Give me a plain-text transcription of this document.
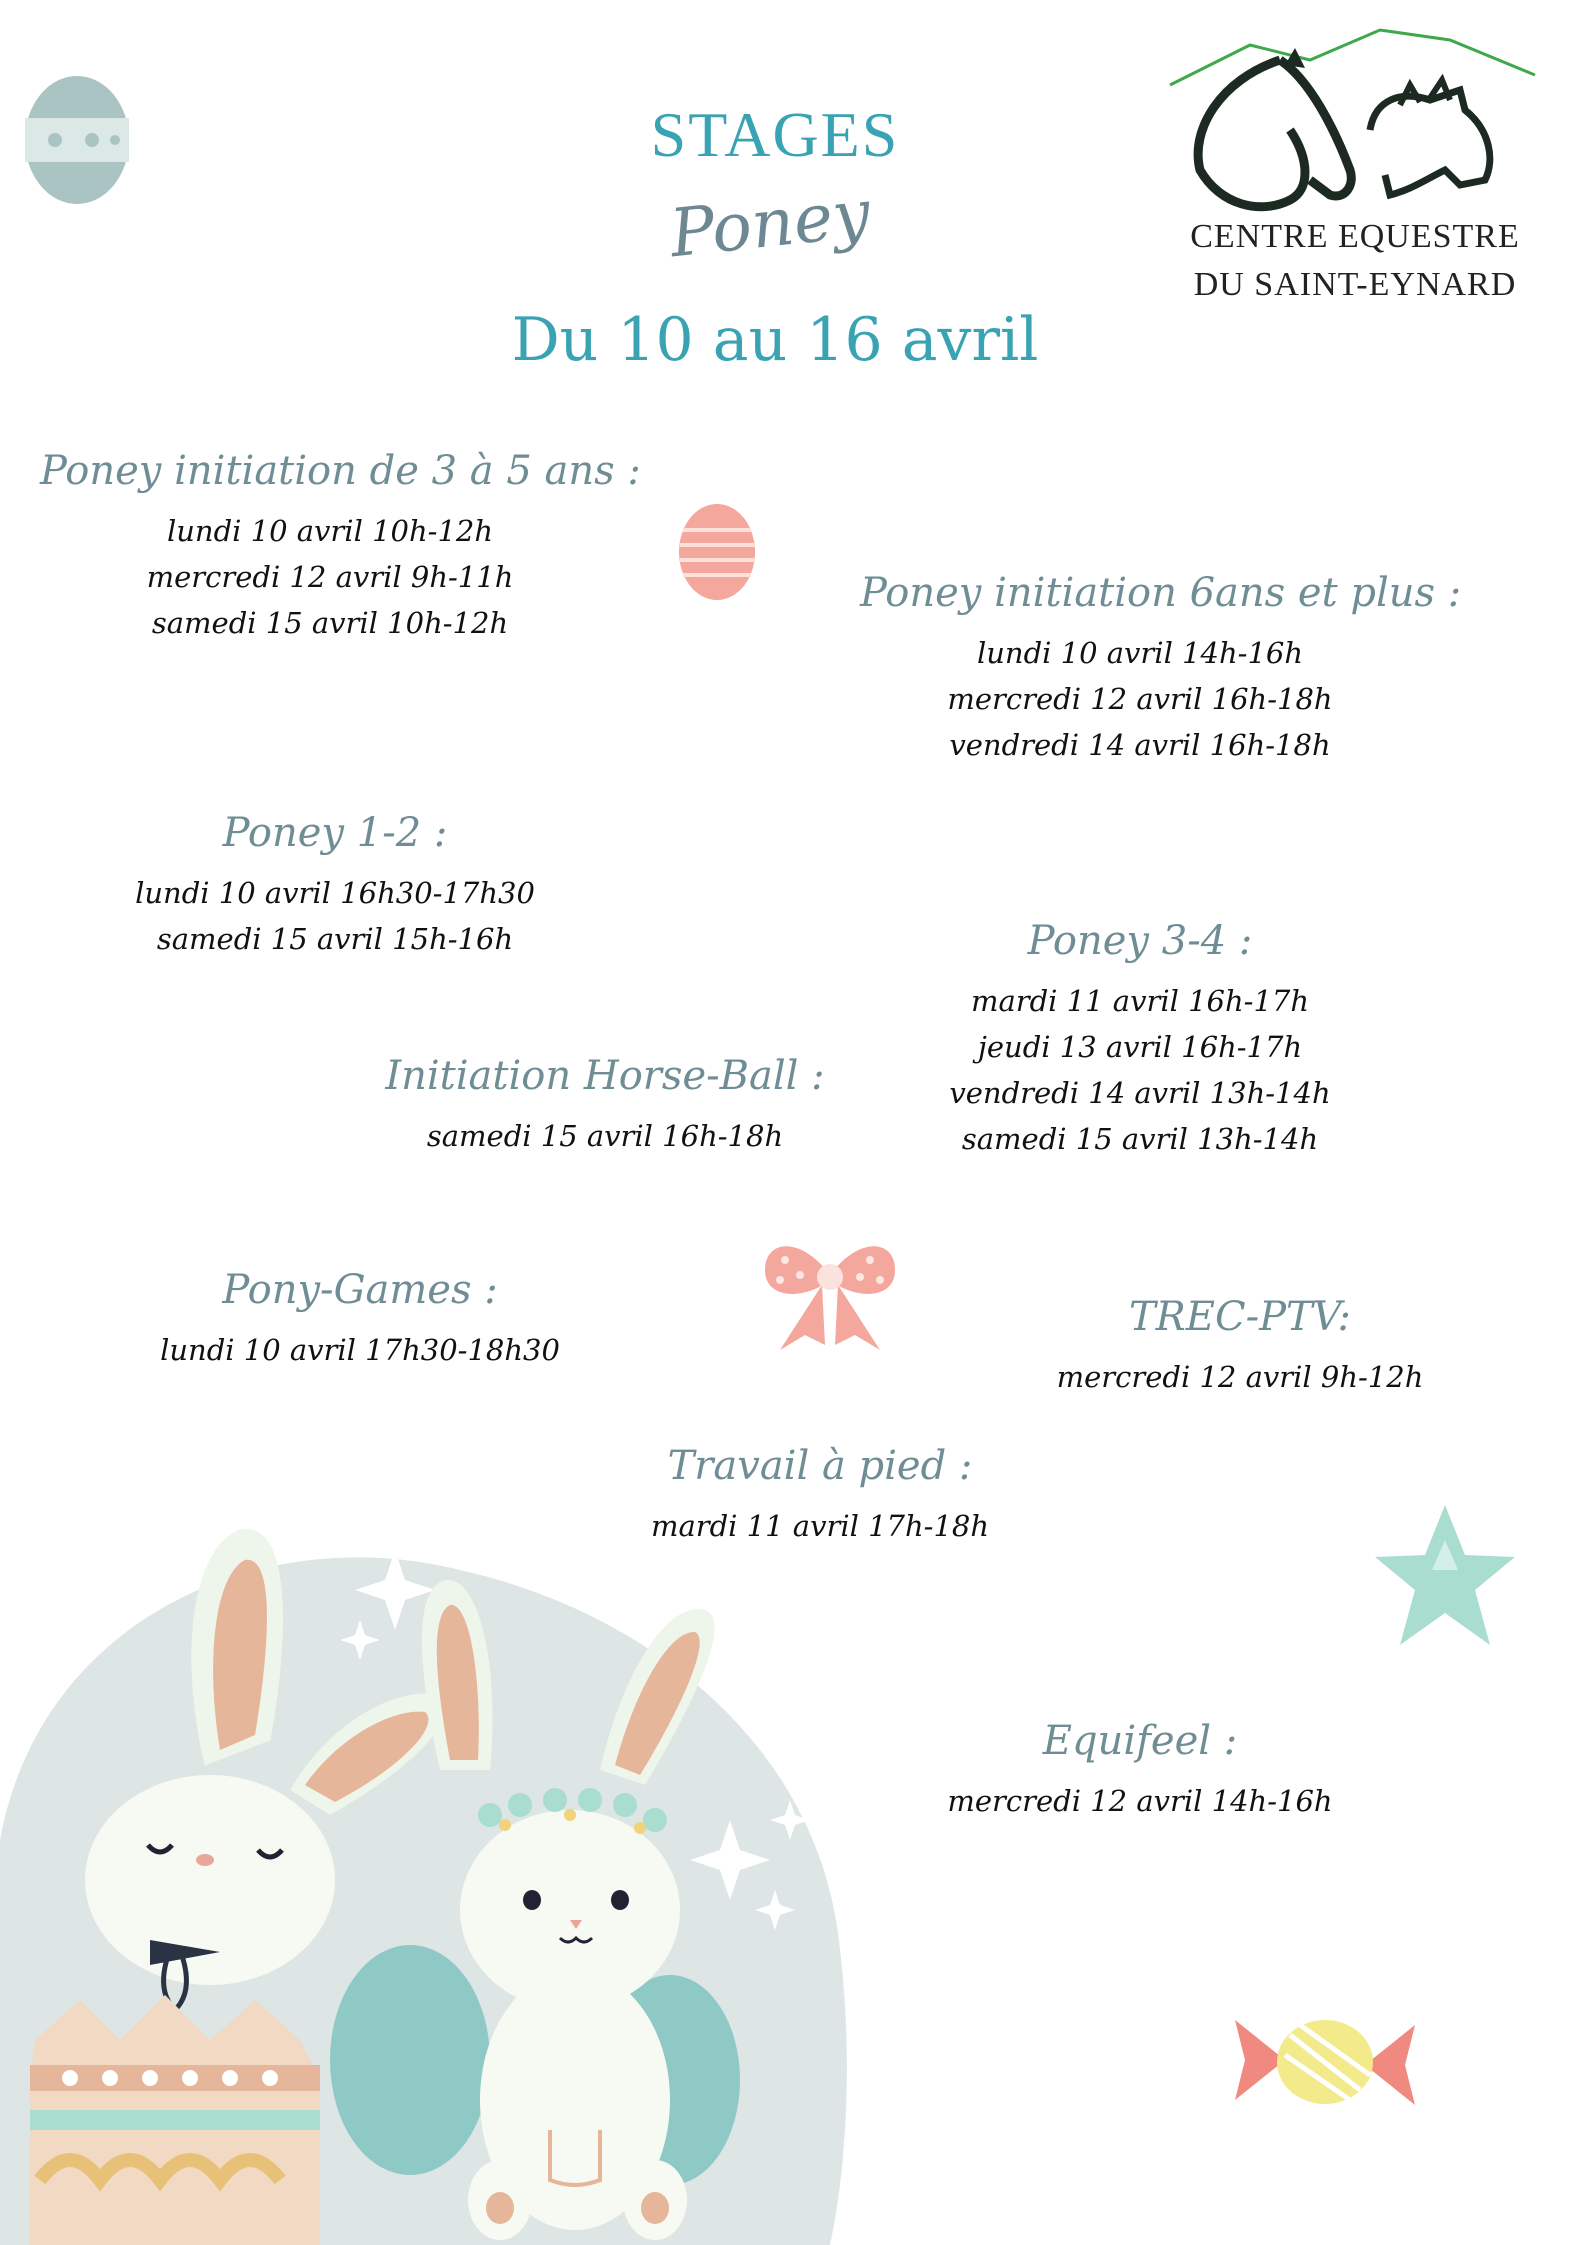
CENTRE EQUESTRE
DU SAINT-EYNARD
STAGES
Poney
Du 10 au 16 avril
Poney initiation de 3 à 5 ans :
lundi 10 avril 10h-12h
mercredi 12 avril 9h-11h
samedi 15 avril 10h-12h
Poney initiation 6ans et plus :
lundi 10 avril 14h-16h
mercredi 12 avril 16h-18h
vendredi 14 avril 16h-18h
Poney 1-2 :
lundi 10 avril 16h30-17h30
samedi 15 avril 15h-16h	Poney 3-4 :
mardi 11 avril 16h-17h
jeudi 13 avril 16h-17h
vendredi 14 avril 13h-14h
samedi 15 avril 13h-14h
Initiation Horse-Ball :
samedi 15 avril 16h-18h
Pony-Games :
lundi 10 avril 17h30-18h30
TREC-PTV:
mercredi 12 avril 9h-12h
Travail à pied :
mardi 11 avril 17h-18h
Equifeel :
mercredi 12 avril 14h-16h
